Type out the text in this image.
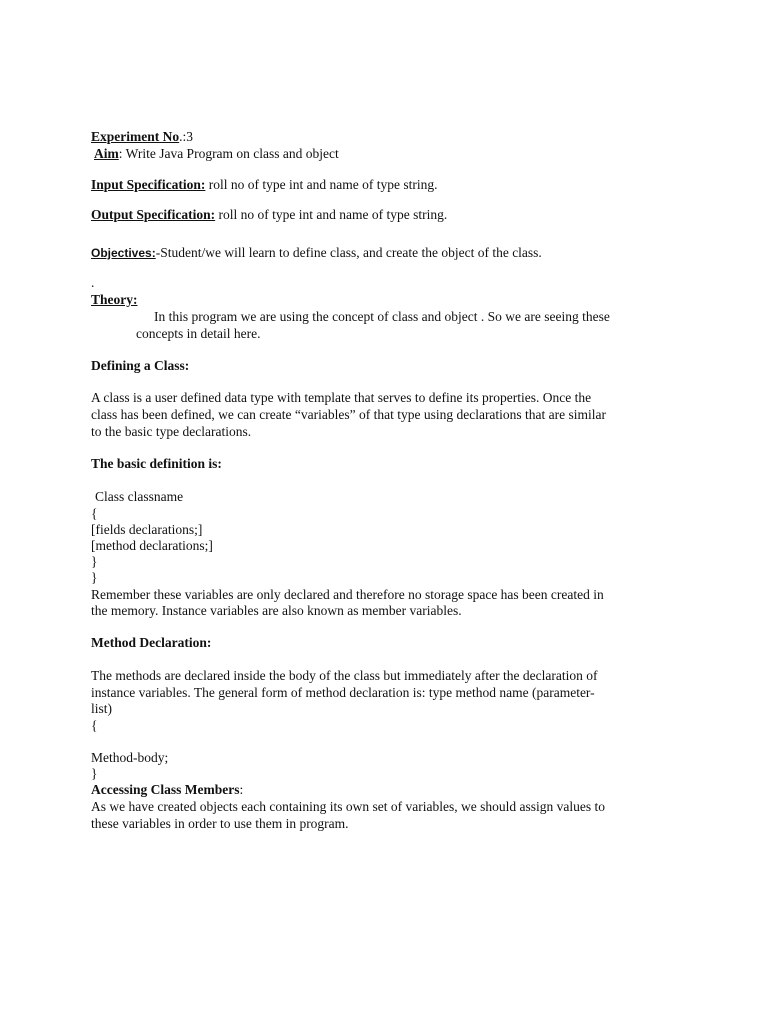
Experiment No.:3
Aim: Write Java Program on class and object
Input Specification: roll no of type int and name of type string.
Output Specification: roll no of type int and name of type string.
Objectives:-Student/we will learn to define class, and create the object of the class.
.
Theory:
In this program we are using the concept of class and object . So we are seeing these
concepts in detail here.
Defining a Class:
A class is a user defined data type with template that serves to define its properties. Once the
class has been defined, we can create “variables” of that type using declarations that are similar
to the basic type declarations.
The basic definition is:
Class classname
{
[fields declarations;]
[method declarations;]
}
}
Remember these variables are only declared and therefore no storage space has been created in
the memory. Instance variables are also known as member variables.
Method Declaration:
The methods are declared inside the body of the class but immediately after the declaration of
instance variables. The general form of method declaration is: type method name (parameter-
list)
{
Method-body;
}
Accessing Class Members:
As we have created objects each containing its own set of variables, we should assign values to
these variables in order to use them in program.
